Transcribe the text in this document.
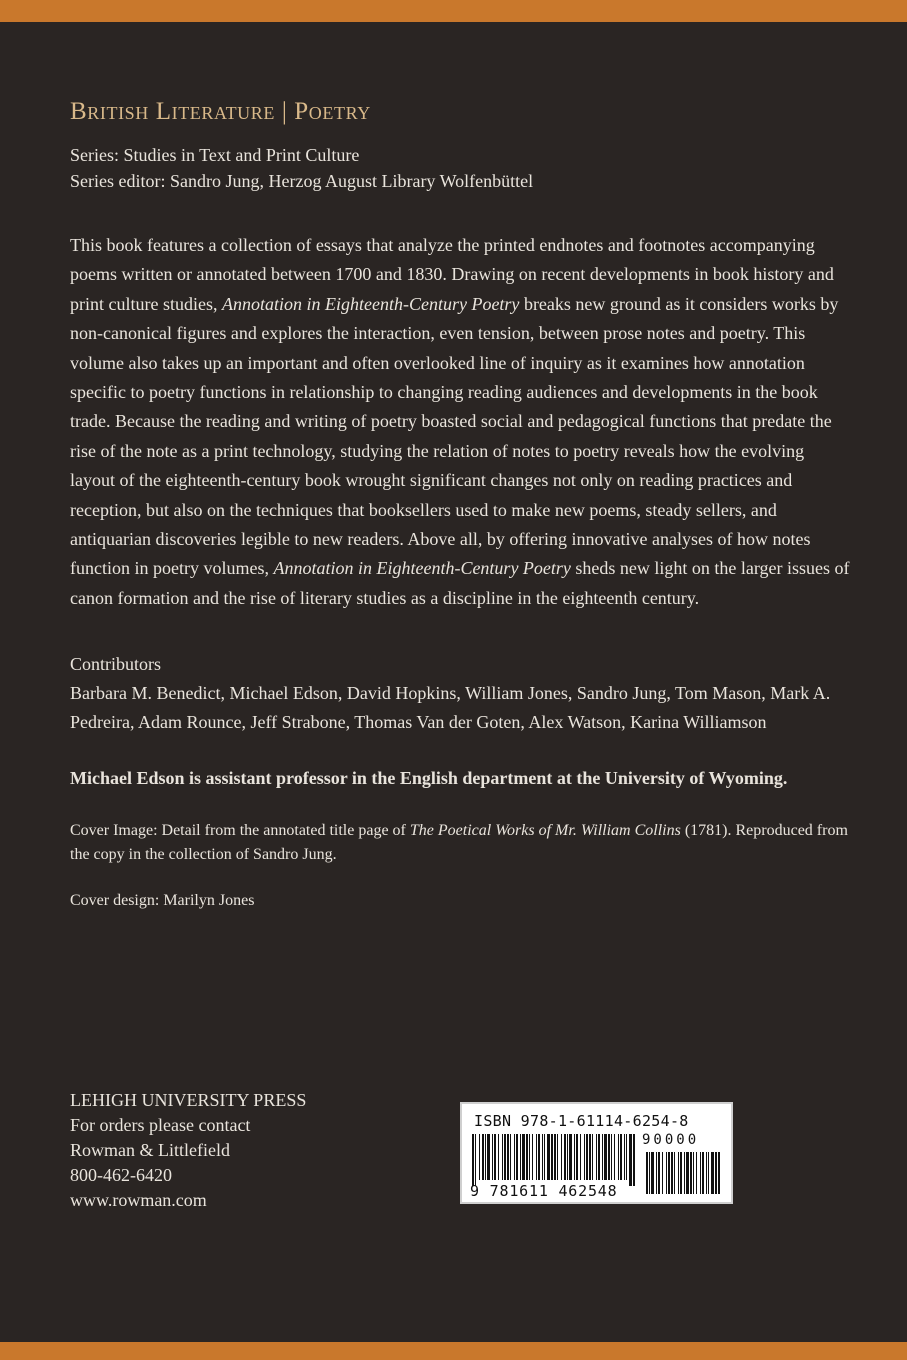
British Literature | Poetry
Series: Studies in Text and Print Culture
Series editor: Sandro Jung, Herzog August Library Wolfenbüttel
This book features a collection of essays that analyze the printed endnotes and footnotes accompanying poems written or annotated between 1700 and 1830. Drawing on recent developments in book history and print culture studies, Annotation in Eighteenth-Century Poetry breaks new ground as it considers works by non-canonical figures and explores the interaction, even tension, between prose notes and poetry. This volume also takes up an important and often overlooked line of inquiry as it examines how annotation specific to poetry functions in relationship to changing reading audiences and developments in the book trade. Because the reading and writing of poetry boasted social and pedagogical functions that predate the rise of the note as a print technology, studying the relation of notes to poetry reveals how the evolving layout of the eighteenth-century book wrought significant changes not only on reading practices and reception, but also on the techniques that booksellers used to make new poems, steady sellers, and antiquarian discoveries legible to new readers. Above all, by offering innovative analyses of how notes function in poetry volumes, Annotation in Eighteenth-Century Poetry sheds new light on the larger issues of canon formation and the rise of literary studies as a discipline in the eighteenth century.
Contributors
Barbara M. Benedict, Michael Edson, David Hopkins, William Jones, Sandro Jung, Tom Mason, Mark A. Pedreira, Adam Rounce, Jeff Strabone, Thomas Van der Goten, Alex Watson, Karina Williamson
Michael Edson is assistant professor in the English department at the University of Wyoming.
Cover Image: Detail from the annotated title page of The Poetical Works of Mr. William Collins (1781). Reproduced from the copy in the collection of Sandro Jung.
Cover design: Marilyn Jones
LEHIGH UNIVERSITY PRESS
For orders please contact
Rowman & Littlefield
800-462-6420
www.rowman.com
ISBN 978-1-61114-6254-8
90000
9 781611 462548
